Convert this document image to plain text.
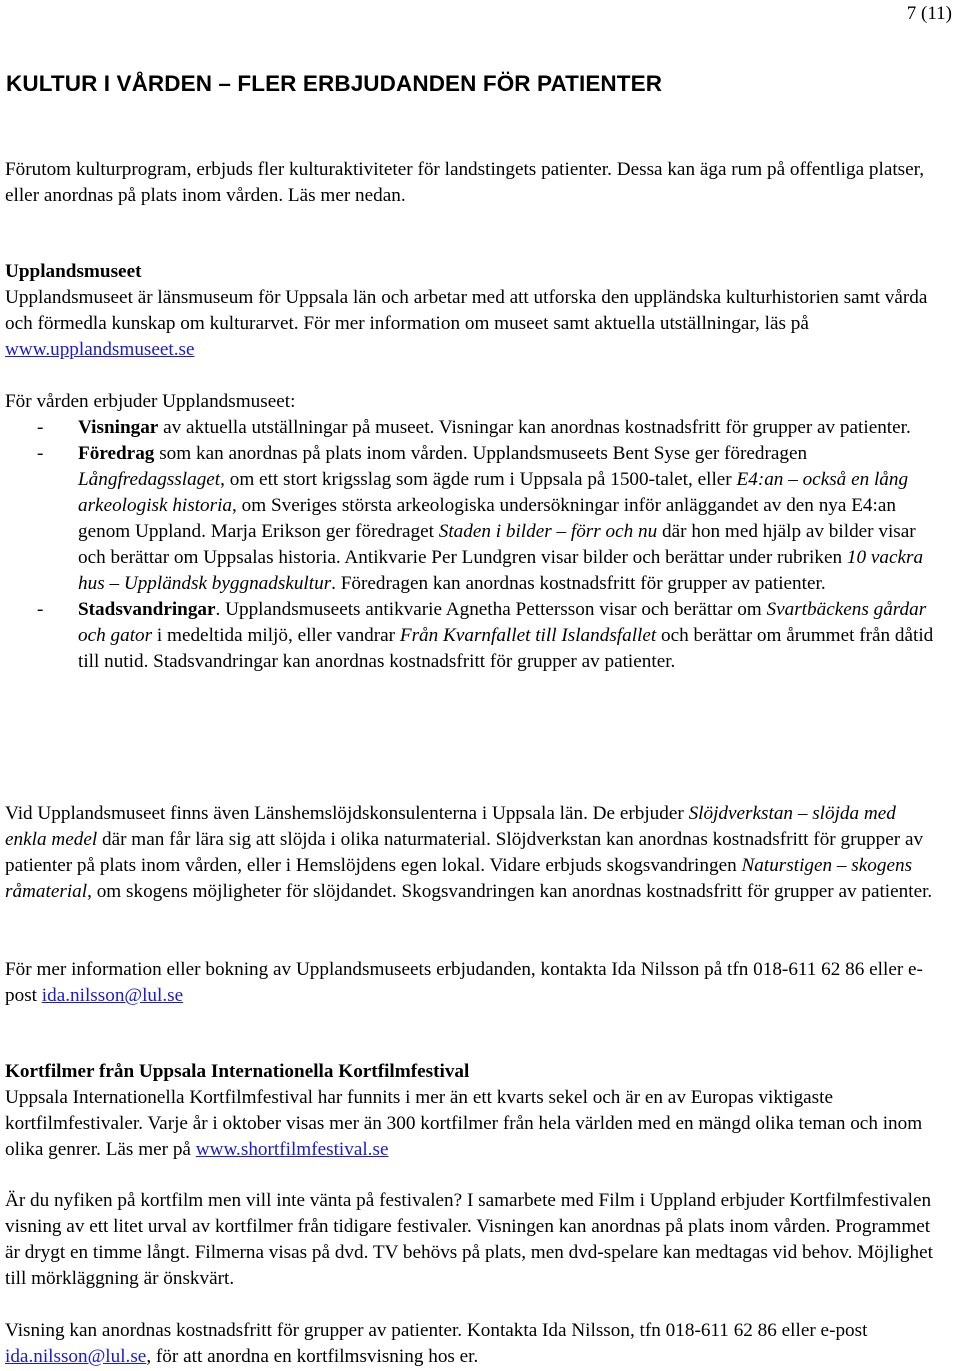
7 (11)
KULTUR I VÅRDEN – FLER ERBJUDANDEN FÖR PATIENTER

Förutom kulturprogram, erbjuds fler kulturaktiviteter för landstingets patienter. Dessa kan äga rum på offentliga platser, eller anordnas på plats inom vården. Läs mer nedan.

Upplandsmuseet
Upplandsmuseet är länsmuseum för Uppsala län och arbetar med att utforska den uppländska kulturhistorien samt vårda och förmedla kunskap om kulturarvet. För mer information om museet samt aktuella utställningar, läs på www.upplandsmuseet.se

För vården erbjuder Upplandsmuseet:

- Visningar av aktuella utställningar på museet. Visningar kan anordnas kostnadsfritt för grupper av patienter.
- Föredrag som kan anordnas på plats inom vården. Upplandsmuseets Bent Syse ger föredragen Långfredagsslaget, om ett stort krigsslag som ägde rum i Uppsala på 1500-talet, eller E4:an – också en lång arkeologisk historia, om Sveriges största arkeologiska undersökningar inför anläggandet av den nya E4:an genom Uppland. Marja Erikson ger föredraget Staden i bilder – förr och nu där hon med hjälp av bilder visar och berättar om Uppsalas historia. Antikvarie Per Lundgren visar bilder och berättar under rubriken 10 vackra hus – Uppländsk byggnadskultur. Föredragen kan anordnas kostnadsfritt för grupper av patienter.
- Stadsvandringar. Upplandsmuseets antikvarie Agnetha Pettersson visar och berättar om Svartbäckens gårdar och gator i medeltida miljö, eller vandrar Från Kvarnfallet till Islandsfallet och berättar om årummet från dåtid till nutid. Stadsvandringar kan anordnas kostnadsfritt för grupper av patienter.

Vid Upplandsmuseet finns även Länshemslöjdskonsulenterna i Uppsala län. De erbjuder Slöjdverkstan – slöjda med enkla medel där man får lära sig att slöjda i olika naturmaterial. Slöjdverkstan kan anordnas kostnadsfritt för grupper av patienter på plats inom vården, eller i Hemslöjdens egen lokal. Vidare erbjuds skogsvandringen Naturstigen – skogens råmaterial, om skogens möjligheter för slöjdandet. Skogsvandringen kan anordnas kostnadsfritt för grupper av patienter.

För mer information eller bokning av Upplandsmuseets erbjudanden, kontakta Ida Nilsson på tfn 018-611 62 86 eller e-post ida.nilsson@lul.se

Kortfilmer från Uppsala Internationella Kortfilmfestival
Uppsala Internationella Kortfilmfestival har funnits i mer än ett kvarts sekel och är en av Europas viktigaste kortfilmfestivaler. Varje år i oktober visas mer än 300 kortfilmer från hela världen med en mängd olika teman och inom olika genrer. Läs mer på www.shortfilmfestival.se

Är du nyfiken på kortfilm men vill inte vänta på festivalen? I samarbete med Film i Uppland erbjuder Kortfilmfestivalen visning av ett litet urval av kortfilmer från tidigare festivaler. Visningen kan anordnas på plats inom vården. Programmet är drygt en timme långt. Filmerna visas på dvd. TV behövs på plats, men dvd-spelare kan medtagas vid behov. Möjlighet till mörkläggning är önskvärt.

Visning kan anordnas kostnadsfritt för grupper av patienter. Kontakta Ida Nilsson, tfn 018-611 62 86 eller e-post ida.nilsson@lul.se, för att anordna en kortfilmsvisning hos er.
